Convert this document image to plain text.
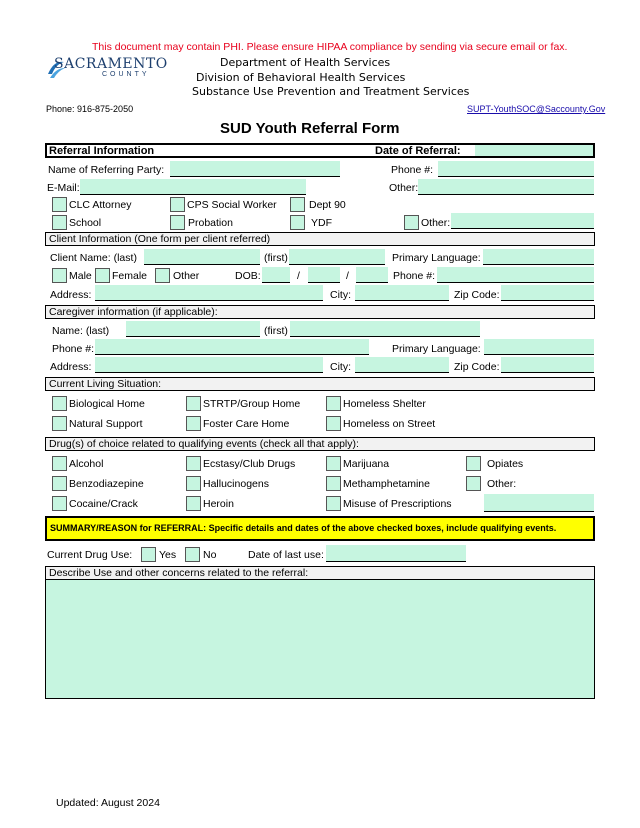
This document may contain PHI. Please ensure HIPAA compliance by sending via secure email or fax.
SACRAMENTO
COUNTY
Department of Health Services
Division of Behavioral Health Services
Substance Use Prevention and Treatment Services
Phone: 916-875-2050	SUPT-YouthSOC@Saccounty.Gov
SUD Youth Referral Form
Referral Information	Date of Referral:
Name of Referring Party:	Phone #:
E-Mail:	Other:
CLC Attorney	CPS Social Worker	Dept 90
School	Probation	YDF	Other:
Client Information (One form per client referred)
Client Name: (last)	(first)	Primary Language:
Male Female Other	DOB:	/	/	Phone #:
Address:	City:	Zip Code:
Caregiver information (if applicable):
Name: (last)	(first)
Phone #:	Primary Language:
Address:	City:	Zip Code:
Current Living Situation:
Biological Home	STRTP/Group Home	Homeless Shelter
Natural Support	Foster Care Home	Homeless on Street
Drug(s) of choice related to qualifying events (check all that apply):
Alcohol	Ecstasy/Club Drugs	Marijuana	Opiates
Benzodiazepine	Hallucinogens	Methamphetamine	Other:
Cocaine/Crack	Heroin	Misuse of Prescriptions
SUMMARY/REASON for REFERRAL: Specific details and dates of the above checked boxes, include qualifying events.
Current Drug Use:	Yes	No	Date of last use:
Describe Use and other concerns related to the referral:
Updated: August 2024
